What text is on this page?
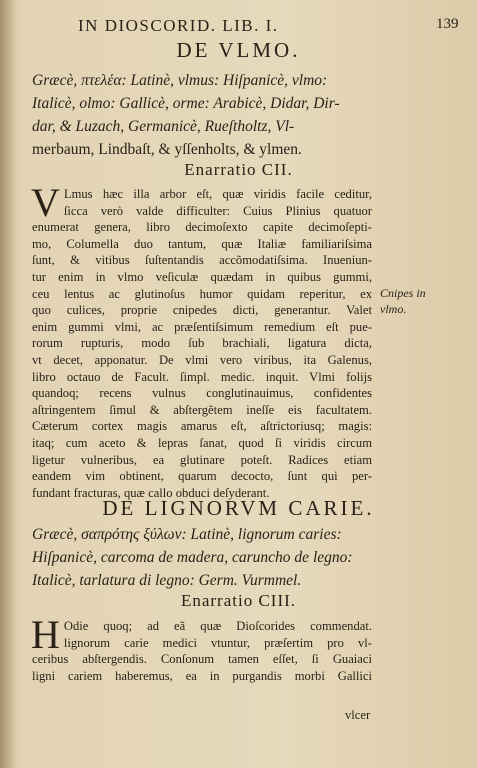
IN DIOSCORID. LIB. I.	139
DE VLMO.
Græcè, πτελέα: Latinè, vlmus: Hiſpanicè, vlmo:
Italicè, olmo: Gallicè, orme: Arabicè, Didar, Dir-
dar, & Luzach, Germanicè, Rueſtholtz, Vl-
merbaum, Lindbaſt, & yſſenholts, & ylmen.
Enarratio CII.
V Lmus hæc illa arbor eſt, quæ viridis facile ceditur,
ſicca verò valde difficulter: Cuius Plinius quatuor
enumerat genera, libro decimoſexto capite decimoſepti-
mo, Columella duo tantum, quæ Italiæ familiariſsima
ſunt, & vitibus ſuſtentandis accõmodatiſsima. Inueniun-
tur enim in vlmo veſiculæ quædam in quibus gummi,
ceu lentus ac glutinoſus humor quidam reperitur, ex
quo culices, proprie cnipedes dicti, generantur. Valet
enim gummi vlmi, ac præſentiſsimum remedium eſt pue-
rorum rupturis, modo ſub brachiali, ligatura dicta,
vt decet, apponatur. De vlmi vero viribus, ita Galenus,
libro octauo de Facult. ſimpl. medic. inquit. Vlmi folijs
quandoq; recens vulnus conglutinauimus, confidentes
aſtringentem ſimul & abſtergẽtem ineſſe eis facultatem.
Cæterum cortex magis amarus eſt, aſtrictoriusq; magis:
itaq; cum aceto & lepras ſanat, quod ſi viridis circum
ligetur vulneribus, ea glutinare poteſt. Radices etiam
eandem vim obtinent, quarum decocto, ſunt qui per-
fundant fracturas, quæ callo obduci deſyderant.
Cnipes in
vlmo.
DE LIGNORVM CARIE.
Græcè, σαπρότης ξύλων: Latinè, lignorum caries:
Hiſpanicè, carcoma de madera, caruncho de legno:
Italicè, tarlatura di legno: Germ. Vurmmel.
Enarratio CIII.
H Odie quoq; ad eã quæ Dioſcorides commendat.
lignorum carie medici vtuntur, præſertim pro vl-
ceribus abſtergendis. Conſonum tamen eſſet, ſi Guaiaci
ligni cariem haberemus, ea in purgandis morbi Gallici
vlcer
